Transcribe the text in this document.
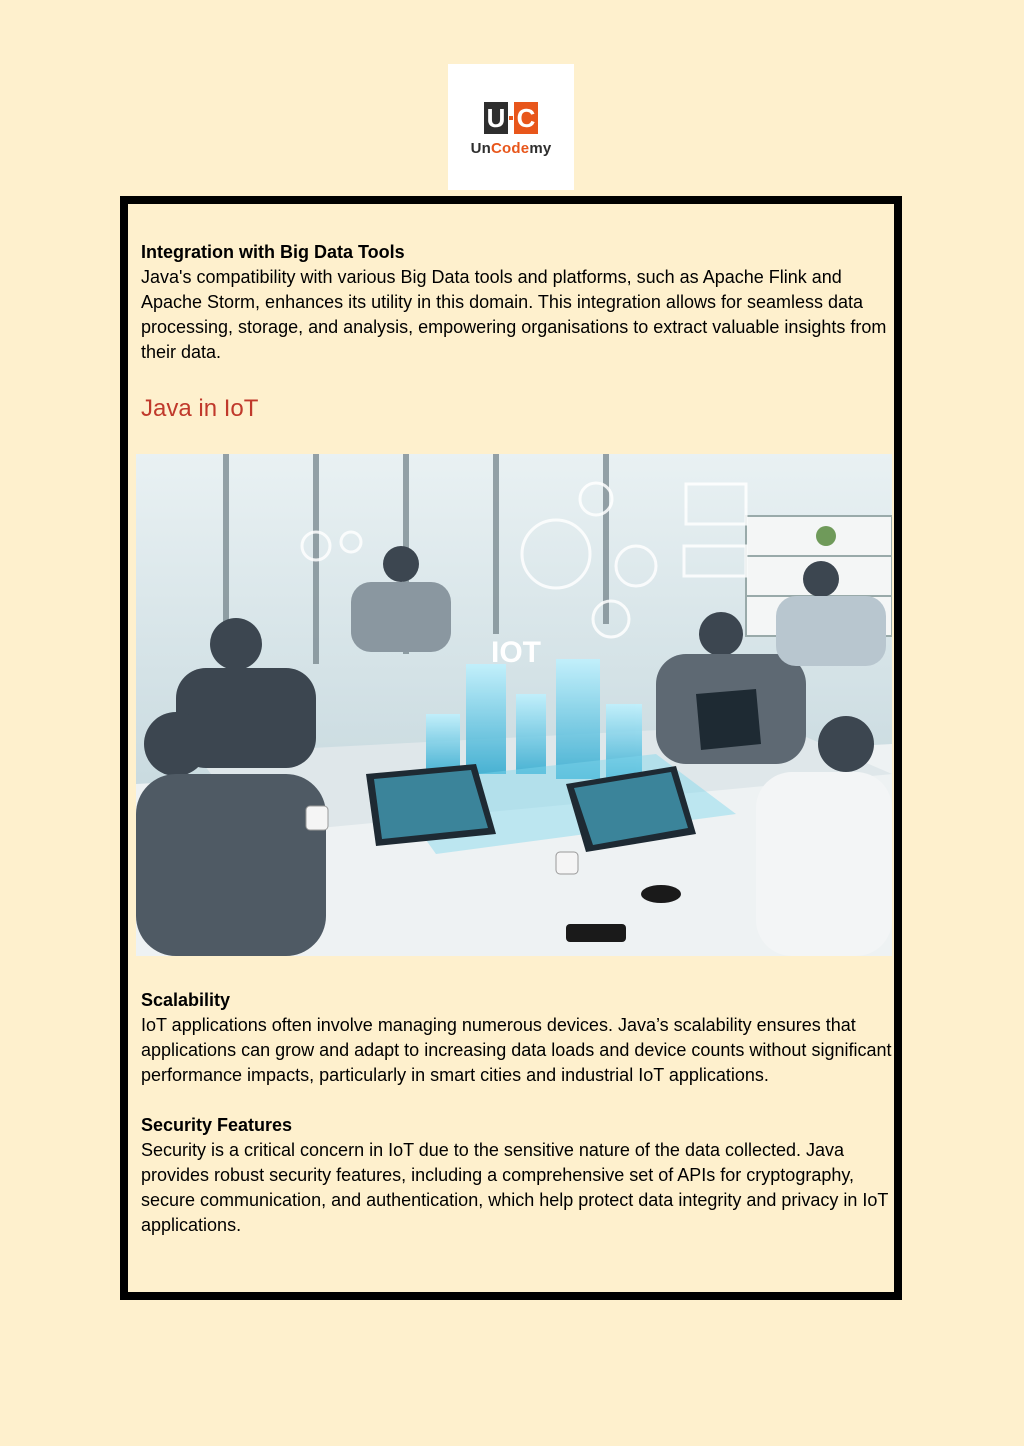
U C
UnCodemy
Integration with Big Data Tools

Java's compatibility with various Big Data tools and platforms, such as Apache Flink and Apache Storm, enhances its utility in this domain. This integration allows for seamless data processing, storage, and analysis, empowering organisations to extract valuable insights from their data.

Java in IoT
IOT
Scalability

IoT applications often involve managing numerous devices. Java’s scalability ensures that applications can grow and adapt to increasing data loads and device counts without significant performance impacts, particularly in smart cities and industrial IoT applications.

Security Features

Security is a critical concern in IoT due to the sensitive nature of the data collected. Java provides robust security features, including a comprehensive set of APIs for cryptography, secure communication, and authentication, which help protect data integrity and privacy in IoT applications.
